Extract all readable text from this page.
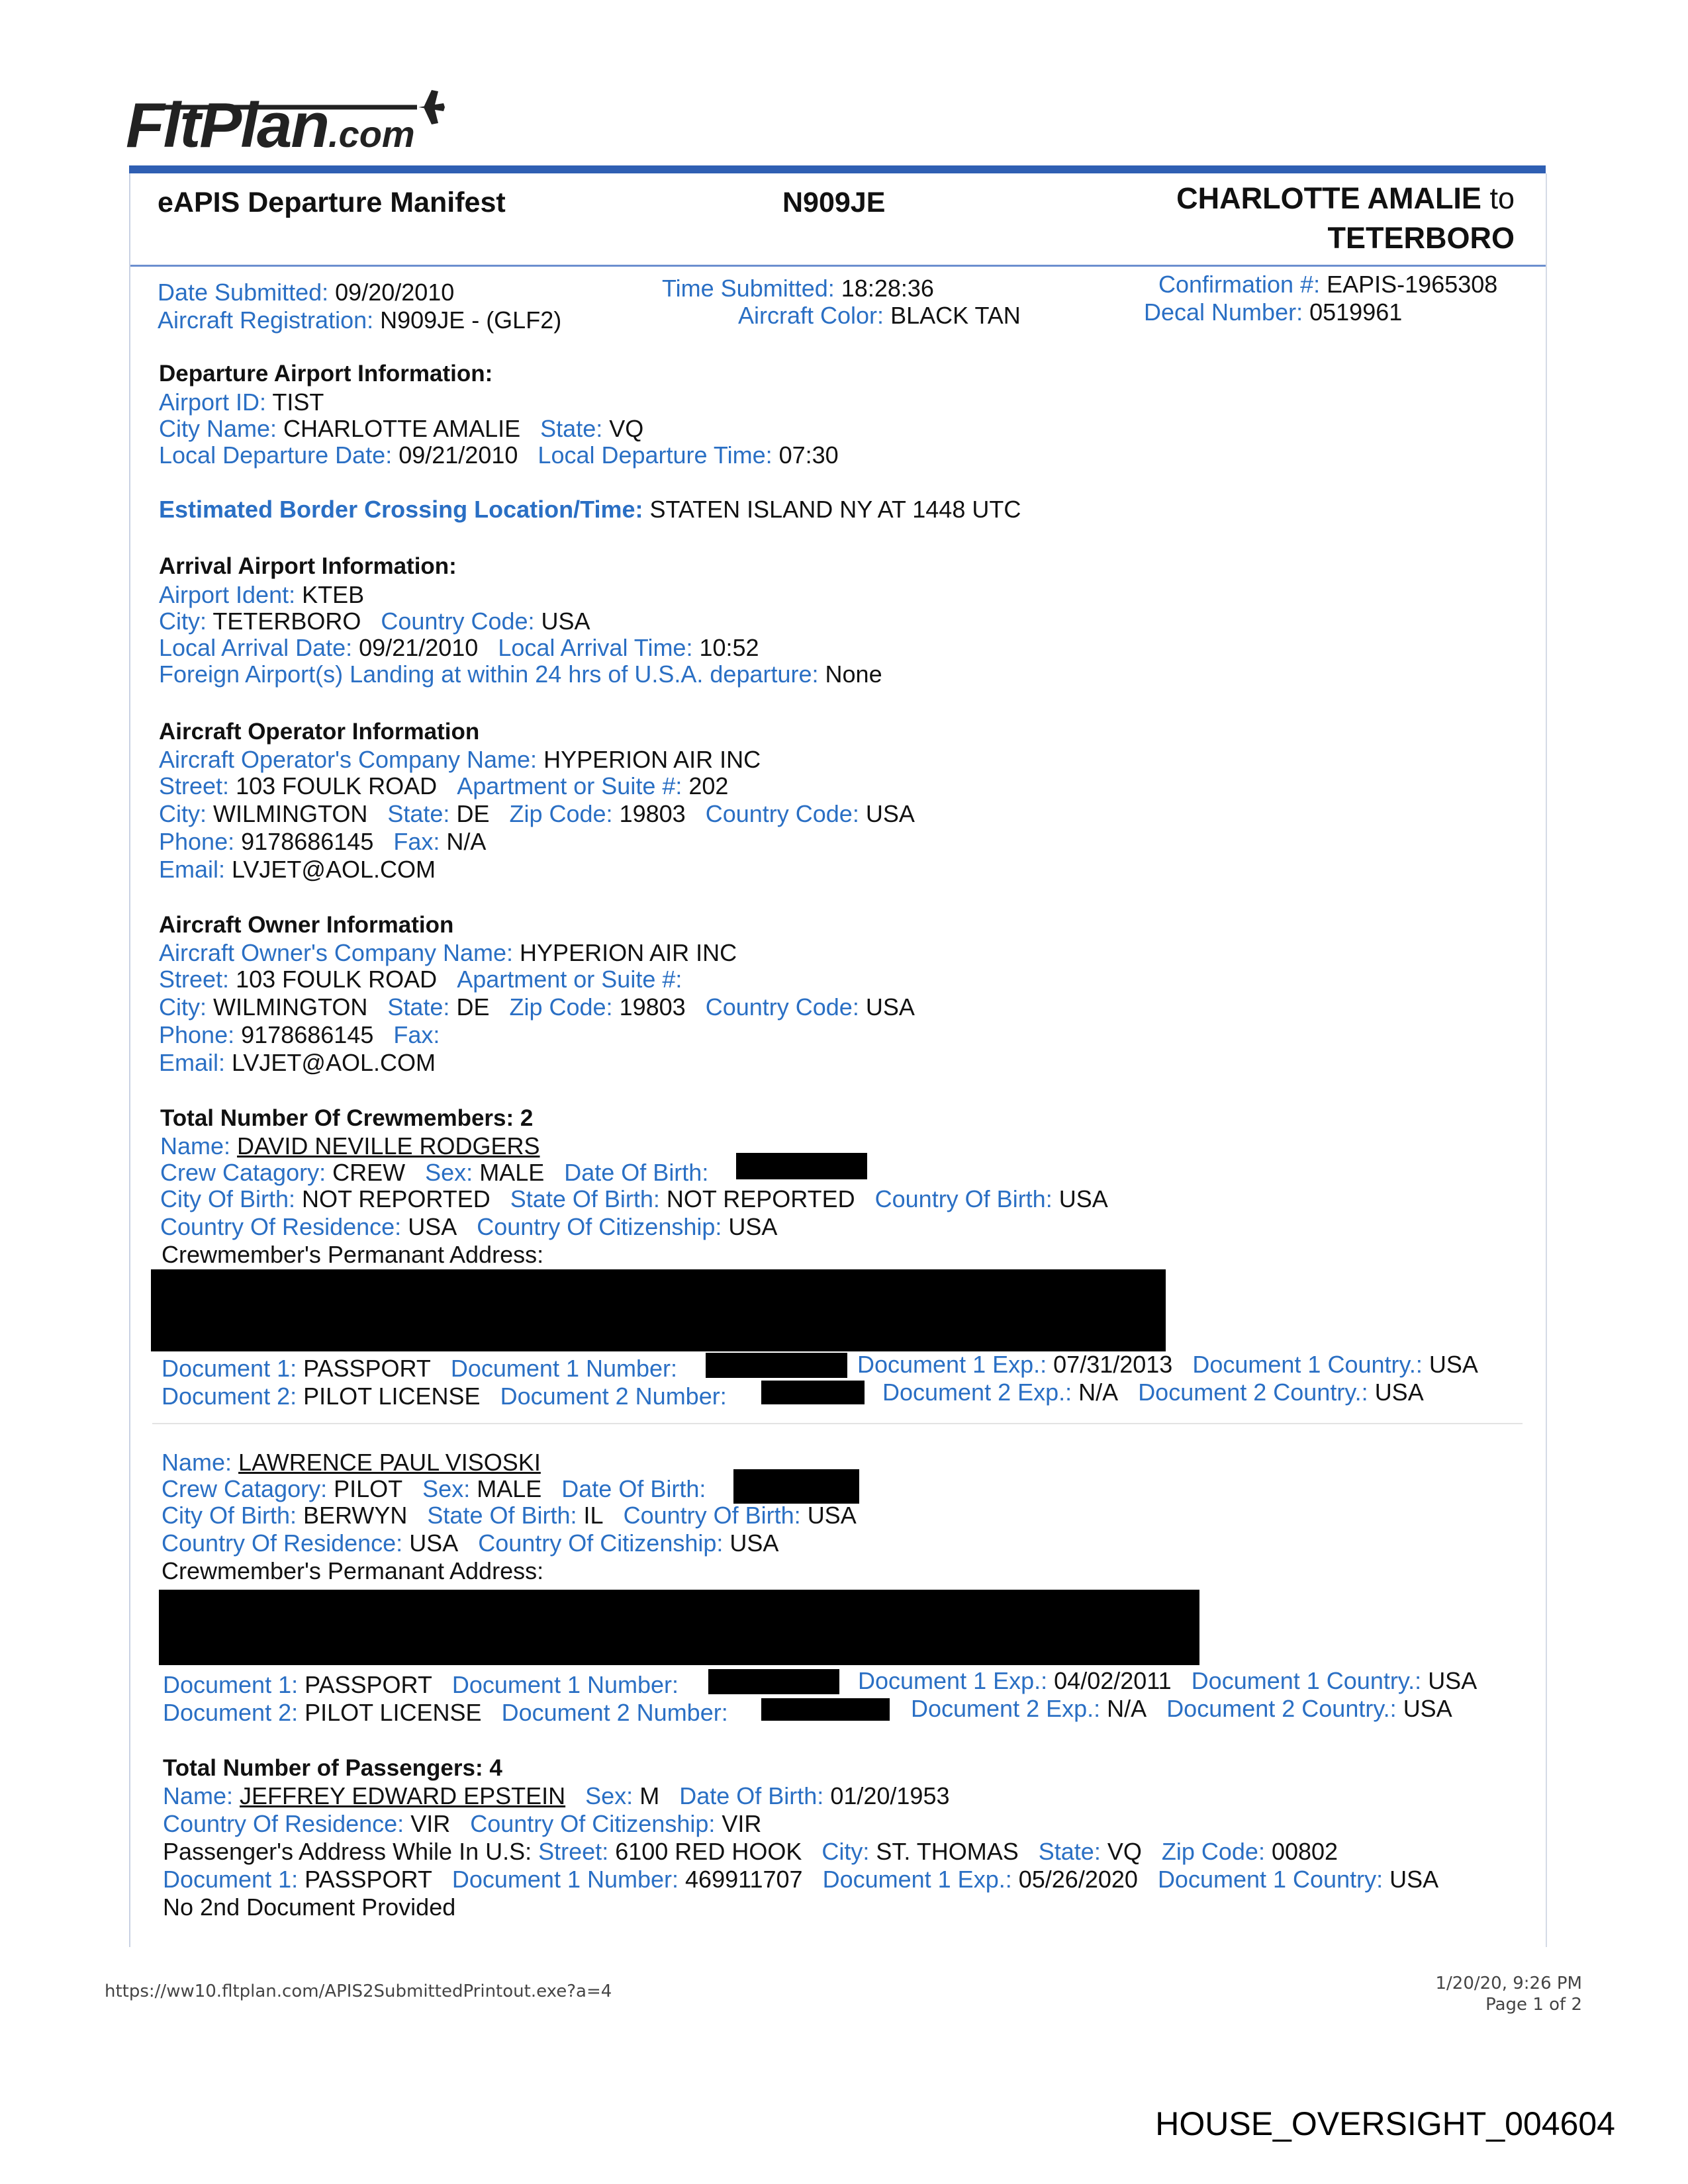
FltPlan.com
eAPIS Departure Manifest	N909JE	CHARLOTTE AMALIE to
TETERBORO
Date Submitted: 09/20/2010
Aircraft Registration: N909JE - (GLF2)
Time Submitted: 18:28:36
Aircraft Color: BLACK TAN
Confirmation #: EAPIS-1965308
Decal Number: 0519961
Departure Airport Information:
Airport ID: TIST
City Name: CHARLOTTE AMALIE State: VQ
Local Departure Date: 09/21/2010 Local Departure Time: 07:30
Estimated Border Crossing Location/Time: STATEN ISLAND NY AT 1448 UTC
Arrival Airport Information:
Airport Ident: KTEB
City: TETERBORO Country Code: USA
Local Arrival Date: 09/21/2010 Local Arrival Time: 10:52
Foreign Airport(s) Landing at within 24 hrs of U.S.A. departure: None
Aircraft Operator Information
Aircraft Operator's Company Name: HYPERION AIR INC
Street: 103 FOULK ROAD Apartment or Suite #: 202
City: WILMINGTON State: DE Zip Code: 19803 Country Code: USA
Phone: 9178686145 Fax: N/A
Email: LVJET@AOL.COM
Aircraft Owner Information
Aircraft Owner's Company Name: HYPERION AIR INC
Street: 103 FOULK ROAD Apartment or Suite #:
City: WILMINGTON State: DE Zip Code: 19803 Country Code: USA
Phone: 9178686145 Fax:
Email: LVJET@AOL.COM
Total Number Of Crewmembers: 2
Name: DAVID NEVILLE RODGERS
Crew Catagory: CREW Sex: MALE Date Of Birth:
City Of Birth: NOT REPORTED State Of Birth: NOT REPORTED Country Of Birth: USA
Country Of Residence: USA Country Of Citizenship: USA
Crewmember's Permanant Address:
Document 1: PASSPORT Document 1 Number:	Document 1 Exp.: 07/31/2013 Document 1 Country.: USA
Document 2: PILOT LICENSE Document 2 Number:	Document 2 Exp.: N/A Document 2 Country.: USA
Name: LAWRENCE PAUL VISOSKI
Crew Catagory: PILOT Sex: MALE Date Of Birth:
City Of Birth: BERWYN State Of Birth: IL Country Of Birth: USA
Country Of Residence: USA Country Of Citizenship: USA
Crewmember's Permanant Address:
Document 1: PASSPORT Document 1 Number:	Document 1 Exp.: 04/02/2011 Document 1 Country.: USA
Document 2: PILOT LICENSE Document 2 Number:	Document 2 Exp.: N/A Document 2 Country.: USA
Total Number of Passengers: 4
Name: JEFFREY EDWARD EPSTEIN Sex: M Date Of Birth: 01/20/1953
Country Of Residence: VIR Country Of Citizenship: VIR
Passenger's Address While In U.S: Street: 6100 RED HOOK City: ST. THOMAS State: VQ Zip Code: 00802
Document 1: PASSPORT Document 1 Number: 469911707 Document 1 Exp.: 05/26/2020 Document 1 Country: USA
No 2nd Document Provided
https://ww10.fltplan.com/APIS2SubmittedPrintout.exe?a=4	1/20/20, 9:26 PM
Page 1 of 2
HOUSE_OVERSIGHT_004604
